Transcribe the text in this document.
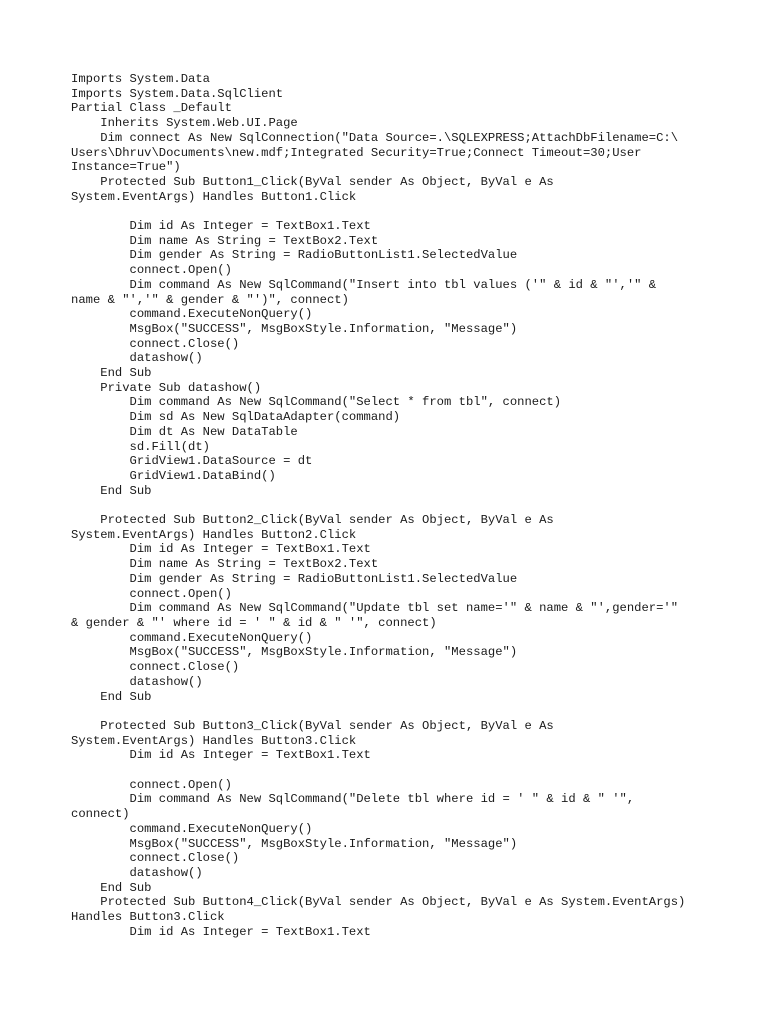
Imports System.Data
Imports System.Data.SqlClient
Partial Class _Default
Inherits System.Web.UI.Page
Dim connect As New SqlConnection("Data Source=.\SQLEXPRESS;AttachDbFilename=C:\
Users\Dhruv\Documents\new.mdf;Integrated Security=True;Connect Timeout=30;User
Instance=True")
Protected Sub Button1_Click(ByVal sender As Object, ByVal e As
System.EventArgs) Handles Button1.Click
Dim id As Integer = TextBox1.Text
Dim name As String = TextBox2.Text
Dim gender As String = RadioButtonList1.SelectedValue
connect.Open()
Dim command As New SqlCommand("Insert into tbl values ('" & id & "','" &
name & "','" & gender & "')", connect)
command.ExecuteNonQuery()
MsgBox("SUCCESS", MsgBoxStyle.Information, "Message")
connect.Close()
datashow()
End Sub
Private Sub datashow()
Dim command As New SqlCommand("Select * from tbl", connect)
Dim sd As New SqlDataAdapter(command)
Dim dt As New DataTable
sd.Fill(dt)
GridView1.DataSource = dt
GridView1.DataBind()
End Sub
Protected Sub Button2_Click(ByVal sender As Object, ByVal e As
System.EventArgs) Handles Button2.Click
Dim id As Integer = TextBox1.Text
Dim name As String = TextBox2.Text
Dim gender As String = RadioButtonList1.SelectedValue
connect.Open()
Dim command As New SqlCommand("Update tbl set name='" & name & "',gender='"
& gender & "' where id = ' " & id & " '", connect)
command.ExecuteNonQuery()
MsgBox("SUCCESS", MsgBoxStyle.Information, "Message")
connect.Close()
datashow()
End Sub
Protected Sub Button3_Click(ByVal sender As Object, ByVal e As
System.EventArgs) Handles Button3.Click
Dim id As Integer = TextBox1.Text
connect.Open()
Dim command As New SqlCommand("Delete tbl where id = ' " & id & " '",
connect)
command.ExecuteNonQuery()
MsgBox("SUCCESS", MsgBoxStyle.Information, "Message")
connect.Close()
datashow()
End Sub
Protected Sub Button4_Click(ByVal sender As Object, ByVal e As System.EventArgs)
Handles Button3.Click
Dim id As Integer = TextBox1.Text
